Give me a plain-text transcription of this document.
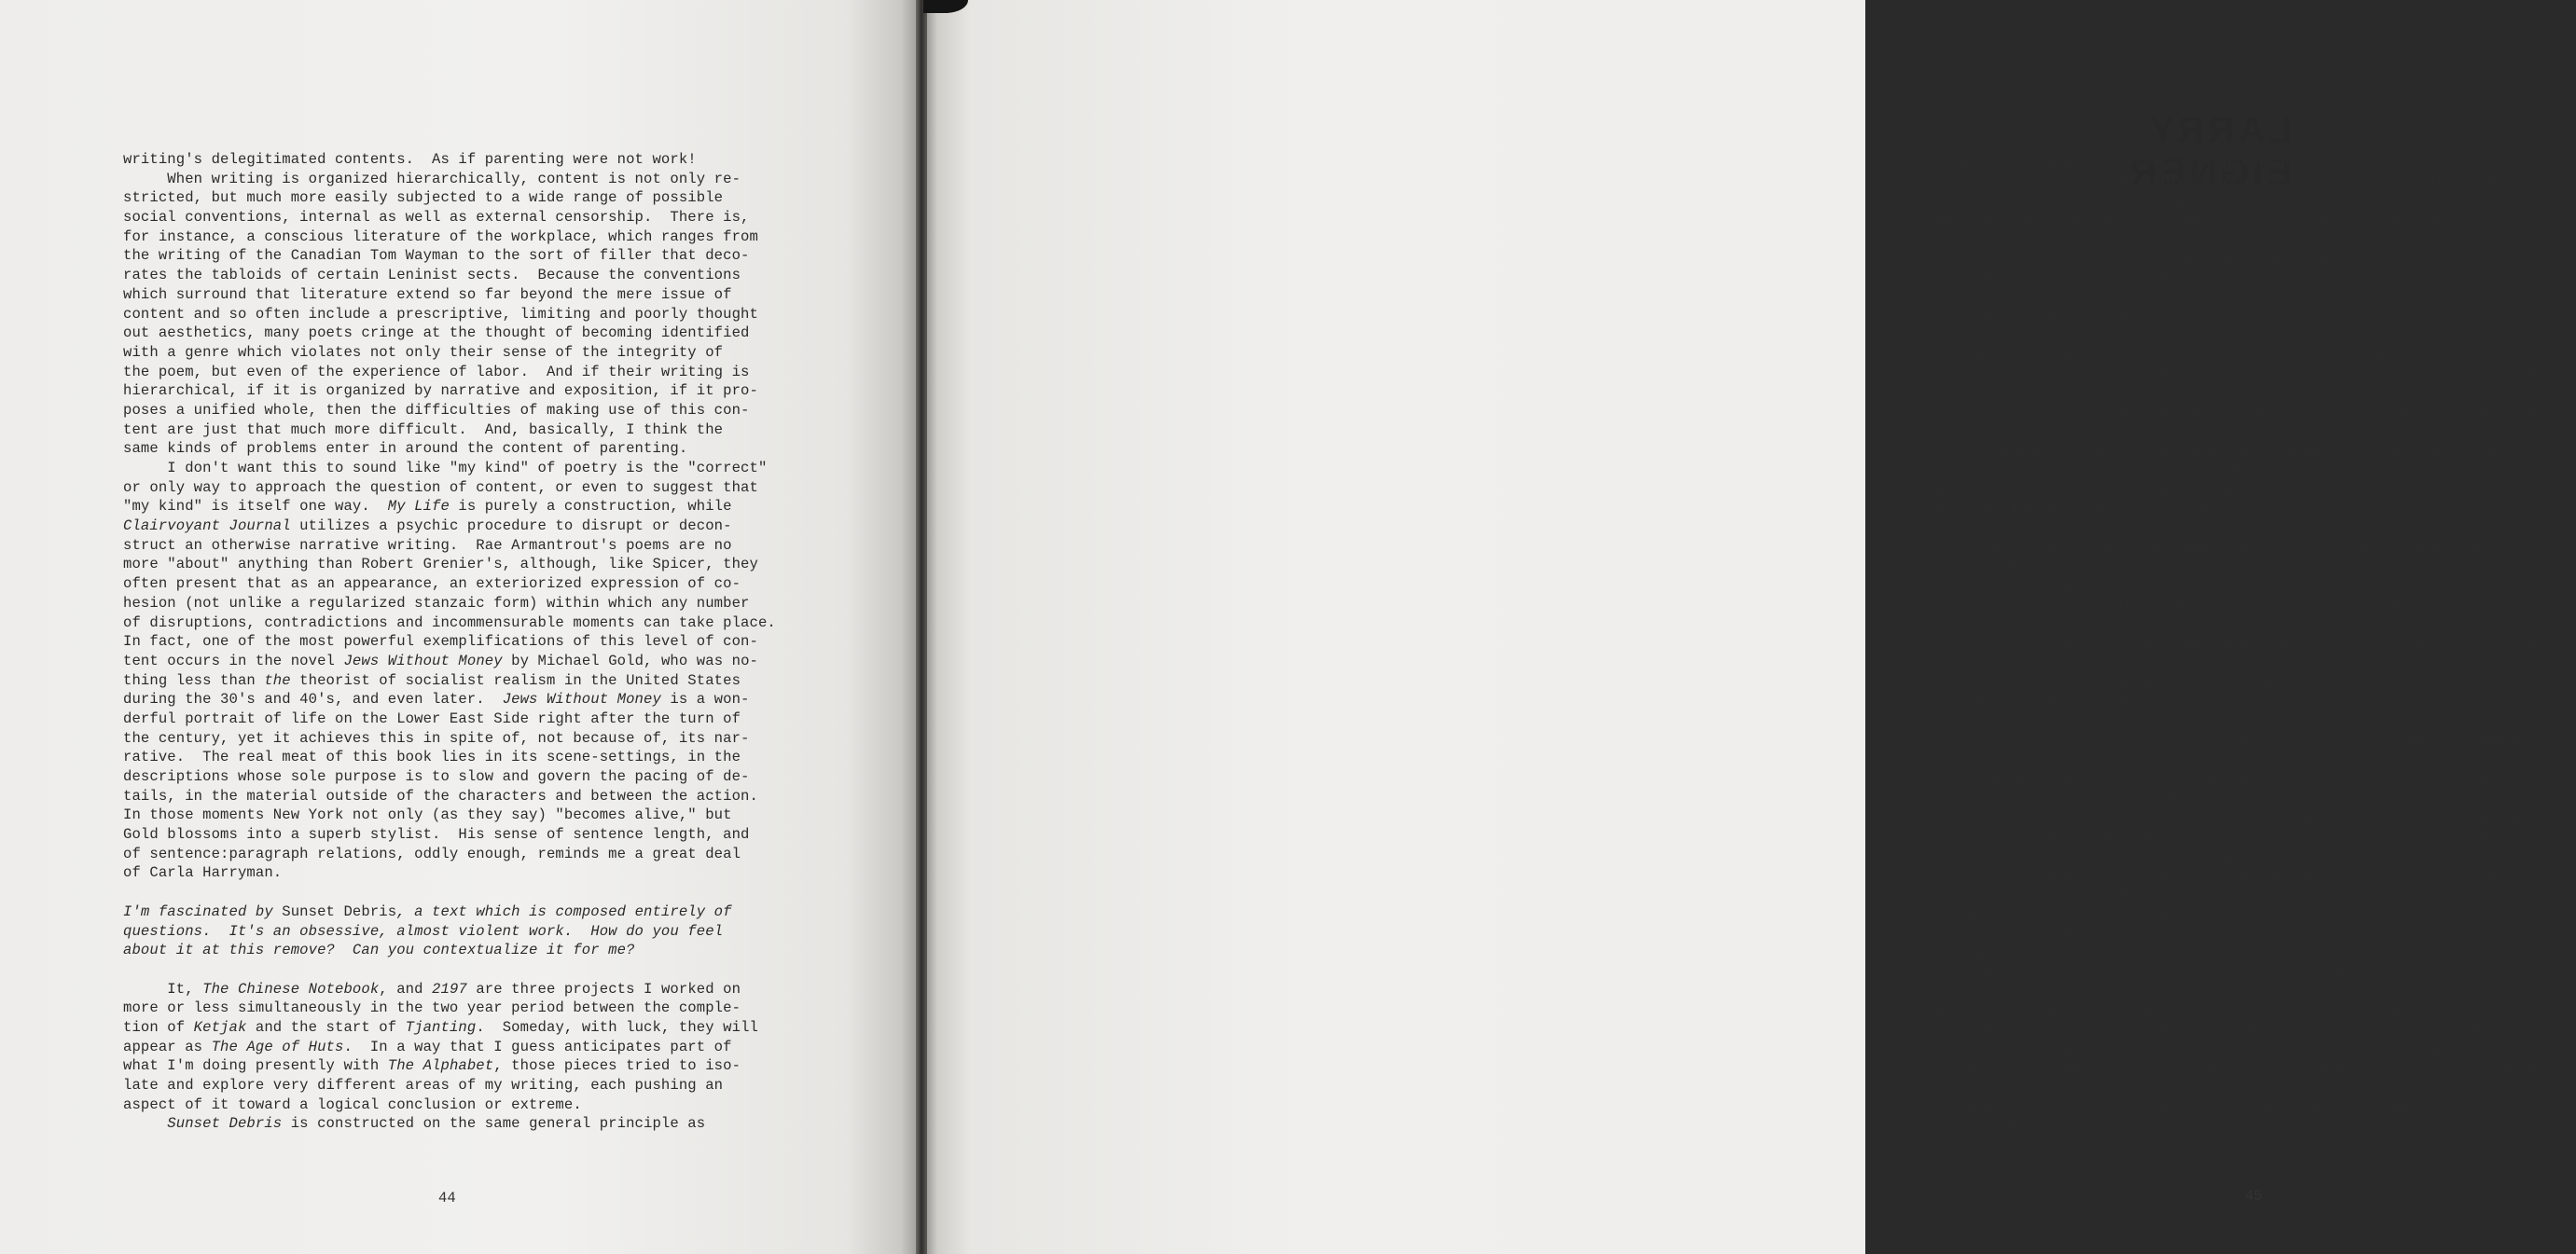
writing's delegitimated contents.  As if parenting were not work!
When writing is organized hierarchically, content is not only re-
stricted, but much more easily subjected to a wide range of possible
social conventions, internal as well as external censorship.  There is,
for instance, a conscious literature of the workplace, which ranges from
the writing of the Canadian Tom Wayman to the sort of filler that deco-
rates the tabloids of certain Leninist sects.  Because the conventions
which surround that literature extend so far beyond the mere issue of
content and so often include a prescriptive, limiting and poorly thought
out aesthetics, many poets cringe at the thought of becoming identified
with a genre which violates not only their sense of the integrity of
the poem, but even of the experience of labor.  And if their writing is
hierarchical, if it is organized by narrative and exposition, if it pro-
poses a unified whole, then the difficulties of making use of this con-
tent are just that much more difficult.  And, basically, I think the
same kinds of problems enter in around the content of parenting.
I don't want this to sound like "my kind" of poetry is the "correct"
or only way to approach the question of content, or even to suggest that
"my kind" is itself one way.  My Life is purely a construction, while
Clairvoyant Journal utilizes a psychic procedure to disrupt or decon-
struct an otherwise narrative writing.  Rae Armantrout's poems are no
more "about" anything than Robert Grenier's, although, like Spicer, they
often present that as an appearance, an exteriorized expression of co-
hesion (not unlike a regularized stanzaic form) within which any number
of disruptions, contradictions and incommensurable moments can take place.
In fact, one of the most powerful exemplifications of this level of con-
tent occurs in the novel Jews Without Money by Michael Gold, who was no-
thing less than the theorist of socialist realism in the United States
during the 30's and 40's, and even later.  Jews Without Money is a won-
derful portrait of life on the Lower East Side right after the turn of
the century, yet it achieves this in spite of, not because of, its nar-
rative.  The real meat of this book lies in its scene-settings, in the
descriptions whose sole purpose is to slow and govern the pacing of de-
tails, in the material outside of the characters and between the action.
In those moments New York not only (as they say) "becomes alive," but
Gold blossoms into a superb stylist.  His sense of sentence length, and
of sentence:paragraph relations, oddly enough, reminds me a great deal
of Carla Harryman.
I'm fascinated by Sunset Debris, a text which is composed entirely of
questions.  It's an obsessive, almost violent work.  How do you feel
about it at this remove?  Can you contextualize it for me?
It, The Chinese Notebook, and 2197 are three projects I worked on
more or less simultaneously in the two year period between the comple-
tion of Ketjak and the start of Tjanting.  Someday, with luck, they will
appear as The Age of Huts.  In a way that I guess anticipates part of
what I'm doing presently with The Alphabet, those pieces tried to iso-
late and explore very different areas of my writing, each pushing an
aspect of it toward a logical conclusion or extreme.
Sunset Debris is constructed on the same general principle as
44
"Berkeley," which is in the Lally anthology, and Sitting Up, Standing,
Taking Steps, where each sentence or line in the work displays the same
grammatical feature.  The suppression of any main verbs in Sitting Up
displaces, but does not eliminate, one's sense of referential action.
In fact, many readers do not even recognize that absence, and I was more
than a little amused to see the piece reprinted in The Pushcart Prize IV
under the heading of fiction.  But, for me, the center of that work is
in the discovery of where, sentence by sentence, that active or (liter-
ally) verbal function goes.
In "Berkeley," where every line is a statement beginning with the
word "I," something very similar occurs.  Most of the lines are found
materials, very few of which are from any one source, and they're ordered
so as to avoid as much as possible any sense of narrative or normative
exposition.  Yet by sheer juxtaposition these reiterated "I"s form into
a character, a felt presence which is really no more than an abstraction
of a grammatical feature, but which is probably as "obsessive" in its own
way as anything in Sunset Debris.  And this presence, in turn, impacts
significantly on how a given line is read or understood, which can be
vastly different from its meaning within its original context.
My idea with Sunset Debris was to explore the social contract be-
tween writer and reader.  As sender and receiver do not exist in vacuums,
any communication involves a relationship, an important dimension of
which is always power.  In writing as elsewhere, this relationship is
asymmetrical -- the author gets to do the talking.  The reader can shut
the book, or consciously reject its thesis, but an actual response is
not normally available.  As advertisers have known for decades, the pro-
cess of consuming information is an act of submission.  To have read these
words is to have had these thoughts, which were not your own.
Perhaps this is the shadow side of writing, but it's one I've long
had a strong sense of and felt the need to explore.  This dimension of
intersubjectivity in writing is closely alligned with the same pheno-
menon elsewhere, which no doubt explains why writing can feel so inten-
sely intimate and erotic.  To write is to fuck.  To read is to be fucked.
There is a pleasure to be taken in each, but it is not the same.  It was
this aspect of intersubjectivity which caused me to introduce so much
explicitly sexual language into Sunset Debris.  It is not the sex that
interests me there, but the dimension it shares with writing.
This combines of course with the constant punctuation of the ques-
tion mark.  Every sentence is supposed to remind the reader of her or
his inability to respond.  And, rhythmically, because it's so much more
of a full stop than a simple period, it hammers this point home within a
long textual body, 50 pages in manuscript, that, being one continuous
paragraph, is a solid wall of words.  I'm certain that the effect can be
disturbing and felt as violent by some readers.  Interestingly, both
Michael Waltuch and Alan Davies have produced texts which "answer" every
question.  But, overall, I don't think that Sunset Debris is any more
"violent" than any other work of writing.  Rather, it is simply one of
the few pieces that calls attention to that dimension of its existence.
The last time I read it in public, at New College in late '82, I
was surprised at how light it felt.  The work wasn't nearly as dark as
I'd remembered it.
45
